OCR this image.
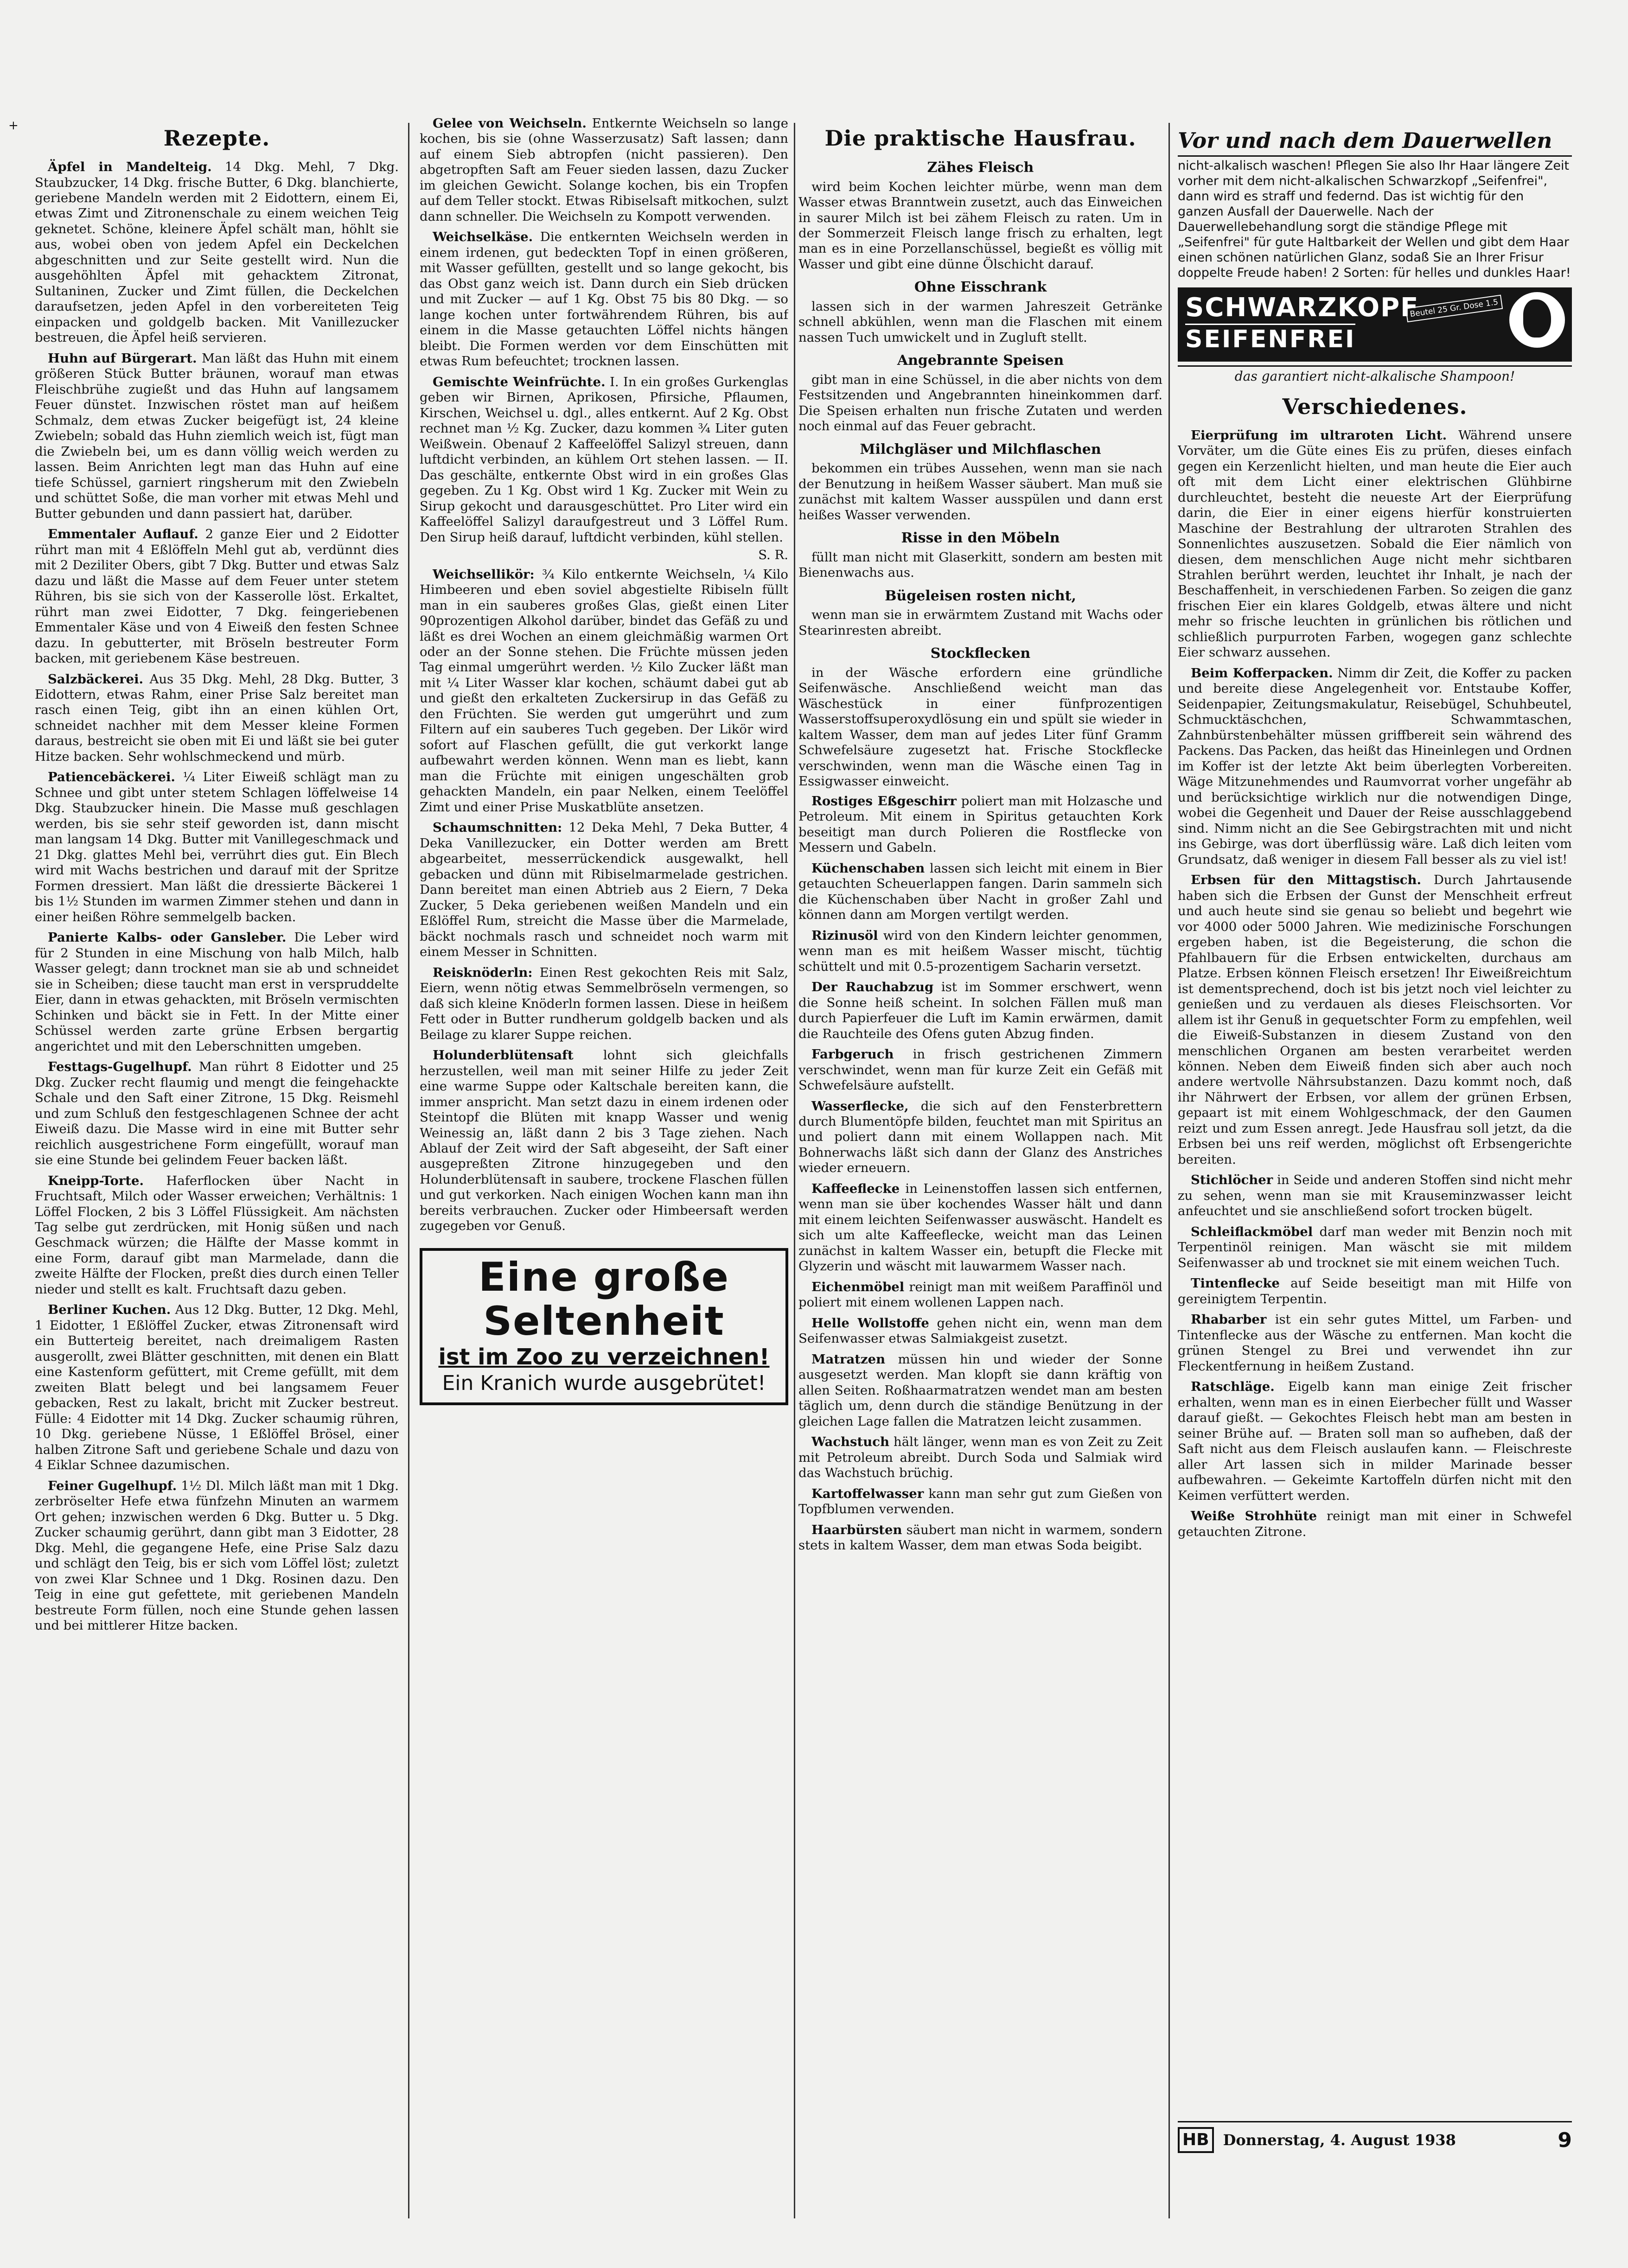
+	Rezepte.

Äpfel in Mandelteig. 14 Dkg. Mehl, 7 Dkg. Staubzucker, 14 Dkg. frische Butter, 6 Dkg. blanchierte, geriebene Mandeln werden mit 2 Eidottern, einem Ei, etwas Zimt und Zitronenschale zu einem weichen Teig geknetet. Schöne, kleinere Äpfel schält man, höhlt sie aus, wobei oben von jedem Apfel ein Deckelchen abgeschnitten und zur Seite gestellt wird. Nun die ausgehöhlten Äpfel mit gehacktem Zitronat, Sultaninen, Zucker und Zimt füllen, die Deckelchen daraufsetzen, jeden Apfel in den vorbereiteten Teig einpacken und goldgelb backen. Mit Vanillezucker bestreuen, die Äpfel heiß servieren.

Huhn auf Bürgerart. Man läßt das Huhn mit einem größeren Stück Butter bräunen, worauf man etwas Fleischbrühe zugießt und das Huhn auf langsamem Feuer dünstet. Inzwischen röstet man auf heißem Schmalz, dem etwas Zucker beigefügt ist, 24 kleine Zwiebeln; sobald das Huhn ziemlich weich ist, fügt man die Zwiebeln bei, um es dann völlig weich werden zu lassen. Beim Anrichten legt man das Huhn auf eine tiefe Schüssel, garniert ringsherum mit den Zwiebeln und schüttet Soße, die man vorher mit etwas Mehl und Butter gebunden und dann passiert hat, darüber.

Emmentaler Auflauf. 2 ganze Eier und 2 Eidotter rührt man mit 4 Eßlöffeln Mehl gut ab, verdünnt dies mit 2 Deziliter Obers, gibt 7 Dkg. Butter und etwas Salz dazu und läßt die Masse auf dem Feuer unter stetem Rühren, bis sie sich von der Kasserolle löst. Erkaltet, rührt man zwei Eidotter, 7 Dkg. feingeriebenen Emmentaler Käse und von 4 Eiweiß den festen Schnee dazu. In gebutterter, mit Bröseln bestreuter Form backen, mit geriebenem Käse bestreuen.

Salzbäckerei. Aus 35 Dkg. Mehl, 28 Dkg. Butter, 3 Eidottern, etwas Rahm, einer Prise Salz bereitet man rasch einen Teig, gibt ihn an einen kühlen Ort, schneidet nachher mit dem Messer kleine Formen daraus, bestreicht sie oben mit Ei und läßt sie bei guter Hitze backen. Sehr wohlschmeckend und mürb.

Patiencebäckerei. ¼ Liter Eiweiß schlägt man zu Schnee und gibt unter stetem Schlagen löffelweise 14 Dkg. Staubzucker hinein. Die Masse muß geschlagen werden, bis sie sehr steif geworden ist, dann mischt man langsam 14 Dkg. Butter mit Vanillegeschmack und 21 Dkg. glattes Mehl bei, verrührt dies gut. Ein Blech wird mit Wachs bestrichen und darauf mit der Spritze Formen dressiert. Man läßt die dressierte Bäckerei 1 bis 1½ Stunden im warmen Zimmer stehen und dann in einer heißen Röhre semmelgelb backen.

Panierte Kalbs- oder Gansleber. Die Leber wird für 2 Stunden in eine Mischung von halb Milch, halb Wasser gelegt; dann trocknet man sie ab und schneidet sie in Scheiben; diese taucht man erst in verspruddelte Eier, dann in etwas gehackten, mit Bröseln vermischten Schinken und bäckt sie in Fett. In der Mitte einer Schüssel werden zarte grüne Erbsen bergartig angerichtet und mit den Leberschnitten umgeben.

Festtags-Gugelhupf. Man rührt 8 Eidotter und 25 Dkg. Zucker recht flaumig und mengt die feingehackte Schale und den Saft einer Zitrone, 15 Dkg. Reismehl und zum Schluß den festgeschlagenen Schnee der acht Eiweiß dazu. Die Masse wird in eine mit Butter sehr reichlich ausgestrichene Form eingefüllt, worauf man sie eine Stunde bei gelindem Feuer backen läßt.

Kneipp-Torte. Haferflocken über Nacht in Fruchtsaft, Milch oder Wasser erweichen; Verhältnis: 1 Löffel Flocken, 2 bis 3 Löffel Flüssigkeit. Am nächsten Tag selbe gut zerdrücken, mit Honig süßen und nach Geschmack würzen; die Hälfte der Masse kommt in eine Form, darauf gibt man Marmelade, dann die zweite Hälfte der Flocken, preßt dies durch einen Teller nieder und stellt es kalt. Fruchtsaft dazu geben.

Berliner Kuchen. Aus 12 Dkg. Butter, 12 Dkg. Mehl, 1 Eidotter, 1 Eßlöffel Zucker, etwas Zitronensaft wird ein Butterteig bereitet, nach dreimaligem Rasten ausgerollt, zwei Blätter geschnitten, mit denen ein Blatt eine Kastenform gefüttert, mit Creme gefüllt, mit dem zweiten Blatt belegt und bei langsamem Feuer gebacken, Rest zu lakalt, bricht mit Zucker bestreut. Fülle: 4 Eidotter mit 14 Dkg. Zucker schaumig rühren, 10 Dkg. geriebene Nüsse, 1 Eßlöffel Brösel, einer halben Zitrone Saft und geriebene Schale und dazu von 4 Eiklar Schnee dazumischen.

Feiner Gugelhupf. 1½ Dl. Milch läßt man mit 1 Dkg. zerbröselter Hefe etwa fünfzehn Minuten an warmem Ort gehen; inzwischen werden 6 Dkg. Butter u. 5 Dkg. Zucker schaumig gerührt, dann gibt man 3 Eidotter, 28 Dkg. Mehl, die gegangene Hefe, eine Prise Salz dazu und schlägt den Teig, bis er sich vom Löffel löst; zuletzt von zwei Klar Schnee und 1 Dkg. Rosinen dazu. Den Teig in eine gut gefettete, mit geriebenen Mandeln bestreute Form füllen, noch eine Stunde gehen lassen und bei mittlerer Hitze backen.

Gelee von Weichseln. Entkernte Weichseln so lange kochen, bis sie (ohne Wasserzusatz) Saft lassen; dann auf einem Sieb abtropfen (nicht passieren). Den abgetropften Saft am Feuer sieden lassen, dazu Zucker im gleichen Gewicht. Solange kochen, bis ein Tropfen auf dem Teller stockt. Etwas Ribiselsaft mitkochen, sulzt dann schneller. Die Weichseln zu Kompott verwenden.

Weichselkäse. Die entkernten Weichseln werden in einem irdenen, gut bedeckten Topf in einen größeren, mit Wasser gefüllten, gestellt und so lange gekocht, bis das Obst ganz weich ist. Dann durch ein Sieb drücken und mit Zucker — auf 1 Kg. Obst 75 bis 80 Dkg. — so lange kochen unter fortwährendem Rühren, bis auf einem in die Masse getauchten Löffel nichts hängen bleibt. Die Formen werden vor dem Einschütten mit etwas Rum befeuchtet; trocknen lassen.

Gemischte Weinfrüchte. I. In ein großes Gurkenglas geben wir Birnen, Aprikosen, Pfirsiche, Pflaumen, Kirschen, Weichsel u. dgl., alles entkernt. Auf 2 Kg. Obst rechnet man ½ Kg. Zucker, dazu kommen ¾ Liter guten Weißwein. Obenauf 2 Kaffeelöffel Salizyl streuen, dann luftdicht verbinden, an kühlem Ort stehen lassen. — II. Das geschälte, entkernte Obst wird in ein großes Glas gegeben. Zu 1 Kg. Obst wird 1 Kg. Zucker mit Wein zu Sirup gekocht und darausgeschüttet. Pro Liter wird ein Kaffeelöffel Salizyl daraufgestreut und 3 Löffel Rum. Den Sirup heiß darauf, luftdicht verbinden, kühl stellen.

S. R.

Weichsellikör: ¾ Kilo entkernte Weichseln, ¼ Kilo Himbeeren und eben soviel abgestielte Ribiseln füllt man in ein sauberes großes Glas, gießt einen Liter 90prozentigen Alkohol darüber, bindet das Gefäß zu und läßt es drei Wochen an einem gleichmäßig warmen Ort oder an der Sonne stehen. Die Früchte müssen jeden Tag einmal umgerührt werden. ½ Kilo Zucker läßt man mit ¼ Liter Wasser klar kochen, schäumt dabei gut ab und gießt den erkalteten Zuckersirup in das Gefäß zu den Früchten. Sie werden gut umgerührt und zum Filtern auf ein sauberes Tuch gegeben. Der Likör wird sofort auf Flaschen gefüllt, die gut verkorkt lange aufbewahrt werden können. Wenn man es liebt, kann man die Früchte mit einigen ungeschälten grob gehackten Mandeln, ein paar Nelken, einem Teelöffel Zimt und einer Prise Muskatblüte ansetzen.

Schaumschnitten: 12 Deka Mehl, 7 Deka Butter, 4 Deka Vanillezucker, ein Dotter werden am Brett abgearbeitet, messerrückendick ausgewalkt, hell gebacken und dünn mit Ribiselmarmelade gestrichen. Dann bereitet man einen Abtrieb aus 2 Eiern, 7 Deka Zucker, 5 Deka geriebenen weißen Mandeln und ein Eßlöffel Rum, streicht die Masse über die Marmelade, bäckt nochmals rasch und schneidet noch warm mit einem Messer in Schnitten.

Reisknöderln: Einen Rest gekochten Reis mit Salz, Eiern, wenn nötig etwas Semmelbröseln vermengen, so daß sich kleine Knöderln formen lassen. Diese in heißem Fett oder in Butter rundherum goldgelb backen und als Beilage zu klarer Suppe reichen.

Holunderblütensaft lohnt sich gleichfalls herzustellen, weil man mit seiner Hilfe zu jeder Zeit eine warme Suppe oder Kaltschale bereiten kann, die immer anspricht. Man setzt dazu in einem irdenen oder Steintopf die Blüten mit knapp Wasser und wenig Weinessig an, läßt dann 2 bis 3 Tage ziehen. Nach Ablauf der Zeit wird der Saft abgeseiht, der Saft einer ausgepreßten Zitrone hinzugegeben und den Holunderblütensaft in saubere, trockene Flaschen füllen und gut verkorken. Nach einigen Wochen kann man ihn bereits verbrauchen. Zucker oder Himbeersaft werden zugegeben vor Genuß.

Eine große Seltenheit
ist im Zoo zu verzeichnen!
Ein Kranich wurde ausgebrütet!
Die praktische Hausfrau.
Zähes Fleisch

wird beim Kochen leichter mürbe, wenn man dem Wasser etwas Branntwein zusetzt, auch das Einweichen in saurer Milch ist bei zähem Fleisch zu raten. Um in der Sommerzeit Fleisch lange frisch zu erhalten, legt man es in eine Porzellanschüssel, begießt es völlig mit Wasser und gibt eine dünne Ölschicht darauf.

Ohne Eisschrank

lassen sich in der warmen Jahreszeit Getränke schnell abkühlen, wenn man die Flaschen mit einem nassen Tuch umwickelt und in Zugluft stellt.

Angebrannte Speisen

gibt man in eine Schüssel, in die aber nichts von dem Festsitzenden und Angebrannten hineinkommen darf. Die Speisen erhalten nun frische Zutaten und werden noch einmal auf das Feuer gebracht.

Milchgläser und Milchflaschen

bekommen ein trübes Aussehen, wenn man sie nach der Benutzung in heißem Wasser säubert. Man muß sie zunächst mit kaltem Wasser ausspülen und dann erst heißes Wasser verwenden.

Risse in den Möbeln

füllt man nicht mit Glaserkitt, sondern am besten mit Bienenwachs aus.

Bügeleisen rosten nicht,

wenn man sie in erwärmtem Zustand mit Wachs oder Stearinresten abreibt.

Stockflecken

in der Wäsche erfordern eine gründliche Seifenwäsche. Anschließend weicht man das Wäschestück in einer fünfprozentigen Wasserstoffsuperoxydlösung ein und spült sie wieder in kaltem Wasser, dem man auf jedes Liter fünf Gramm Schwefelsäure zugesetzt hat. Frische Stockflecke verschwinden, wenn man die Wäsche einen Tag in Essigwasser einweicht.

Rostiges Eßgeschirr poliert man mit Holzasche und Petroleum. Mit einem in Spiritus getauchten Kork beseitigt man durch Polieren die Rostflecke von Messern und Gabeln.

Küchenschaben lassen sich leicht mit einem in Bier getauchten Scheuerlappen fangen. Darin sammeln sich die Küchenschaben über Nacht in großer Zahl und können dann am Morgen vertilgt werden.

Rizinusöl wird von den Kindern leichter genommen, wenn man es mit heißem Wasser mischt, tüchtig schüttelt und mit 0.5-prozentigem Sacharin versetzt.

Der Rauchabzug ist im Sommer erschwert, wenn die Sonne heiß scheint. In solchen Fällen muß man durch Papierfeuer die Luft im Kamin erwärmen, damit die Rauchteile des Ofens guten Abzug finden.

Farbgeruch in frisch gestrichenen Zimmern verschwindet, wenn man für kurze Zeit ein Gefäß mit Schwefelsäure aufstellt.

Wasserflecke, die sich auf den Fensterbrettern durch Blumentöpfe bilden, feuchtet man mit Spiritus an und poliert dann mit einem Wollappen nach. Mit Bohnerwachs läßt sich dann der Glanz des Anstriches wieder erneuern.

Kaffeeflecke in Leinenstoffen lassen sich entfernen, wenn man sie über kochendes Wasser hält und dann mit einem leichten Seifenwasser auswäscht. Handelt es sich um alte Kaffeeflecke, weicht man das Leinen zunächst in kaltem Wasser ein, betupft die Flecke mit Glyzerin und wäscht mit lauwarmem Wasser nach.

Eichenmöbel reinigt man mit weißem Paraffinöl und poliert mit einem wollenen Lappen nach.

Helle Wollstoffe gehen nicht ein, wenn man dem Seifenwasser etwas Salmiakgeist zusetzt.

Matratzen müssen hin und wieder der Sonne ausgesetzt werden. Man klopft sie dann kräftig von allen Seiten. Roßhaarmatratzen wendet man am besten täglich um, denn durch die ständige Benützung in der gleichen Lage fallen die Matratzen leicht zusammen.

Wachstuch hält länger, wenn man es von Zeit zu Zeit mit Petroleum abreibt. Durch Soda und Salmiak wird das Wachstuch brüchig.

Kartoffelwasser kann man sehr gut zum Gießen von Topfblumen verwenden.

Haarbürsten säubert man nicht in warmem, sondern stets in kaltem Wasser, dem man etwas Soda beigibt.

Vor und nach dem Dauerwellen
nicht-alkalisch waschen! Pflegen Sie also Ihr Haar längere Zeit vorher mit dem nicht-alkalischen Schwarzkopf „Seifenfrei", dann wird es straff und federnd. Das ist wichtig für den ganzen Ausfall der Dauerwelle. Nach der Dauerwellebehandlung sorgt die ständige Pflege mit „Seifenfrei" für gute Haltbarkeit der Wellen und gibt dem Haar einen schönen natürlichen Glanz, sodaß Sie an Ihrer Frisur doppelte Freude haben! 2 Sorten: für helles und dunkles Haar!
SCHWARZKOPF
SEIFENFREI
Beutel 25 Gr. Dose 1.5
das garantiert nicht-alkalische Shampoon!
Verschiedenes.

Eierprüfung im ultraroten Licht. Während unsere Vorväter, um die Güte eines Eis zu prüfen, dieses einfach gegen ein Kerzenlicht hielten, und man heute die Eier auch oft mit dem Licht einer elektrischen Glühbirne durchleuchtet, besteht die neueste Art der Eierprüfung darin, die Eier in einer eigens hierfür konstruierten Maschine der Bestrahlung der ultraroten Strahlen des Sonnenlichtes auszusetzen. Sobald die Eier nämlich von diesen, dem menschlichen Auge nicht mehr sichtbaren Strahlen berührt werden, leuchtet ihr Inhalt, je nach der Beschaffenheit, in verschiedenen Farben. So zeigen die ganz frischen Eier ein klares Goldgelb, etwas ältere und nicht mehr so frische leuchten in grünlichen bis rötlichen und schließlich purpurroten Farben, wogegen ganz schlechte Eier schwarz aussehen.

Beim Kofferpacken. Nimm dir Zeit, die Koffer zu packen und bereite diese Angelegenheit vor. Entstaube Koffer, Seidenpapier, Zeitungsmakulatur, Reisebügel, Schuhbeutel, Schmucktäschchen, Schwammtaschen, Zahnbürstenbehälter müssen griffbereit sein während des Packens. Das Packen, das heißt das Hineinlegen und Ordnen im Koffer ist der letzte Akt beim überlegten Vorbereiten. Wäge Mitzunehmendes und Raumvorrat vorher ungefähr ab und berücksichtige wirklich nur die notwendigen Dinge, wobei die Gegenheit und Dauer der Reise ausschlaggebend sind. Nimm nicht an die See Gebirgstrachten mit und nicht ins Gebirge, was dort überflüssig wäre. Laß dich leiten vom Grundsatz, daß weniger in diesem Fall besser als zu viel ist!

Erbsen für den Mittagstisch. Durch Jahrtausende haben sich die Erbsen der Gunst der Menschheit erfreut und auch heute sind sie genau so beliebt und begehrt wie vor 4000 oder 5000 Jahren. Wie medizinische Forschungen ergeben haben, ist die Begeisterung, die schon die Pfahlbauern für die Erbsen entwickelten, durchaus am Platze. Erbsen können Fleisch ersetzen! Ihr Eiweißreichtum ist dementsprechend, doch ist bis jetzt noch viel leichter zu genießen und zu verdauen als dieses Fleischsorten. Vor allem ist ihr Genuß in gequetschter Form zu empfehlen, weil die Eiweiß-Substanzen in diesem Zustand von den menschlichen Organen am besten verarbeitet werden können. Neben dem Eiweiß finden sich aber auch noch andere wertvolle Nährsubstanzen. Dazu kommt noch, daß ihr Nährwert der Erbsen, vor allem der grünen Erbsen, gepaart ist mit einem Wohlgeschmack, der den Gaumen reizt und zum Essen anregt. Jede Hausfrau soll jetzt, da die Erbsen bei uns reif werden, möglichst oft Erbsengerichte bereiten.

Stichlöcher in Seide und anderen Stoffen sind nicht mehr zu sehen, wenn man sie mit Krauseminzwasser leicht anfeuchtet und sie anschließend sofort trocken bügelt.

Schleiflackmöbel darf man weder mit Benzin noch mit Terpentinöl reinigen. Man wäscht sie mit mildem Seifenwasser ab und trocknet sie mit einem weichen Tuch.

Tintenflecke auf Seide beseitigt man mit Hilfe von gereinigtem Terpentin.

Rhabarber ist ein sehr gutes Mittel, um Farben- und Tintenflecke aus der Wäsche zu entfernen. Man kocht die grünen Stengel zu Brei und verwendet ihn zur Fleckentfernung in heißem Zustand.

Ratschläge. Eigelb kann man einige Zeit frischer erhalten, wenn man es in einen Eierbecher füllt und Wasser darauf gießt. — Gekochtes Fleisch hebt man am besten in seiner Brühe auf. — Braten soll man so aufheben, daß der Saft nicht aus dem Fleisch auslaufen kann. — Fleischreste aller Art lassen sich in milder Marinade besser aufbewahren. — Gekeimte Kartoffeln dürfen nicht mit den Keimen verfüttert werden.

Weiße Strohhüte reinigt man mit einer in Schwefel getauchten Zitrone.

HB Donnerstag, 4. August 1938	9
